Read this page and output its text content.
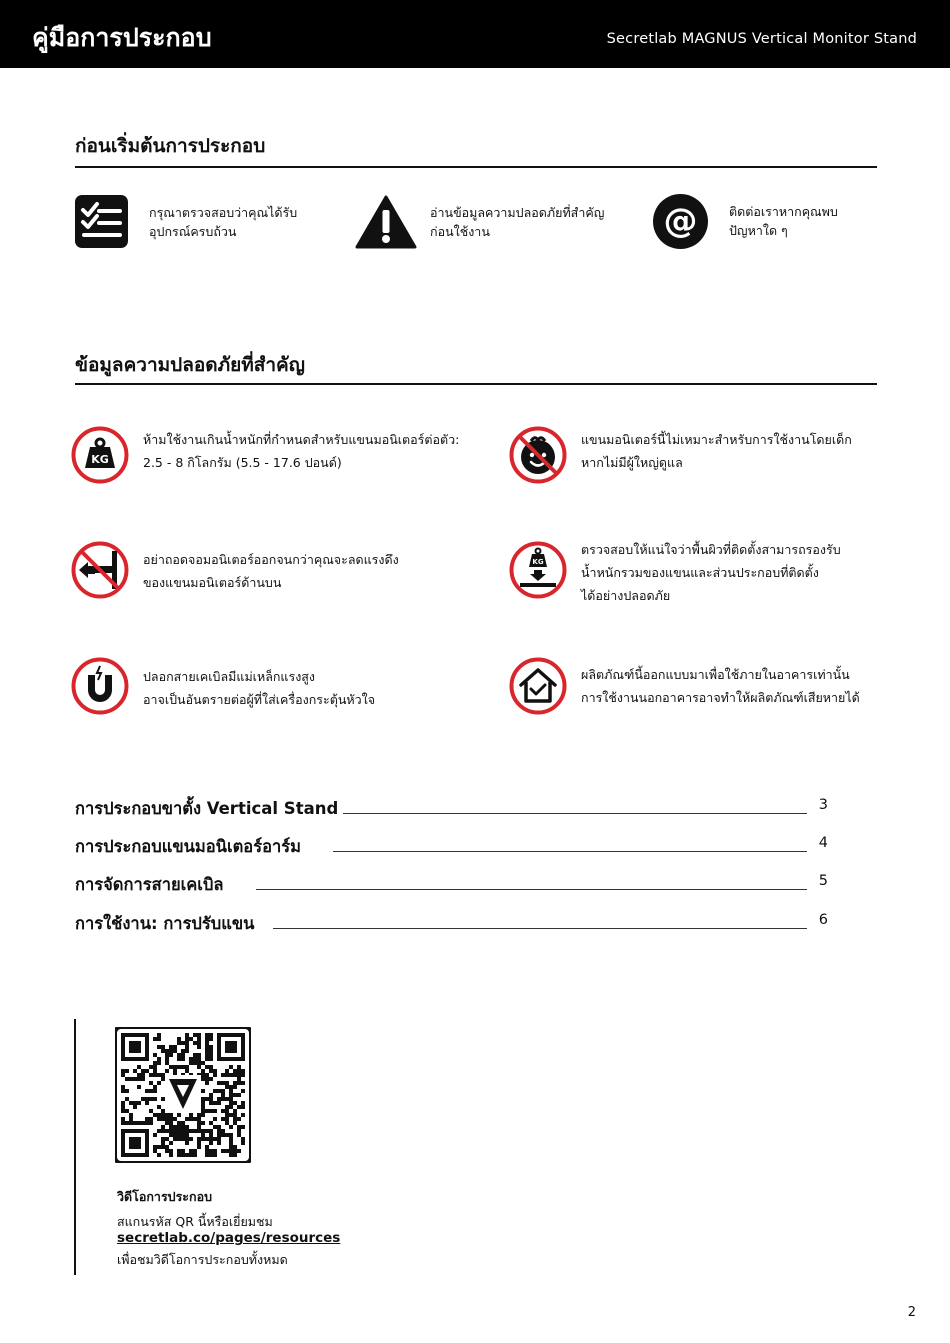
คู่มือการประกอบ	Secretlab MAGNUS Vertical Monitor Stand
ก่อนเริ่มต้นการประกอบ
กรุณาตรวจสอบว่าคุณได้รับ
อุปกรณ์ครบถ้วน
อ่านข้อมูลความปลอดภัยที่สำคัญ
ก่อนใช้งาน	@	ติดต่อเราหากคุณพบ
ปัญหาใด ๆ
ข้อมูลความปลอดภัยที่สำคัญ
KG
ห้ามใช้งานเกินน้ำหนักที่กำหนดสำหรับแขนมอนิเตอร์ต่อตัว:
2.5 - 8 กิโลกรัม (5.5 - 17.6 ปอนด์)
แขนมอนิเตอร์นี้ไม่เหมาะสำหรับการใช้งานโดยเด็ก
หากไม่มีผู้ใหญ่ดูแล
อย่าถอดจอมอนิเตอร์ออกจนกว่าคุณจะลดแรงดึง
ของแขนมอนิเตอร์ด้านบน
KG
ตรวจสอบให้แน่ใจว่าพื้นผิวที่ติดตั้งสามารถรองรับ
น้ำหนักรวมของแขนและส่วนประกอบที่ติดตั้ง
ได้อย่างปลอดภัย
ปลอกสายเคเบิลมีแม่เหล็กแรงสูง
อาจเป็นอันตรายต่อผู้ที่ใส่เครื่องกระตุ้นหัวใจ
ผลิตภัณฑ์นี้ออกแบบมาเพื่อใช้ภายในอาคารเท่านั้น
การใช้งานนอกอาคารอาจทำให้ผลิตภัณฑ์เสียหายได้
การประกอบขาตั้ง Vertical Stand	3
การประกอบแขนมอนิเตอร์อาร์ม	4
การจัดการสายเคเบิล	5
การใช้งาน: การปรับแขน	6
วิดีโอการประกอบ
สแกนรหัส QR นี้หรือเยี่ยมชม
secretlab.co/pages/resources
เพื่อชมวิดีโอการประกอบทั้งหมด
2
